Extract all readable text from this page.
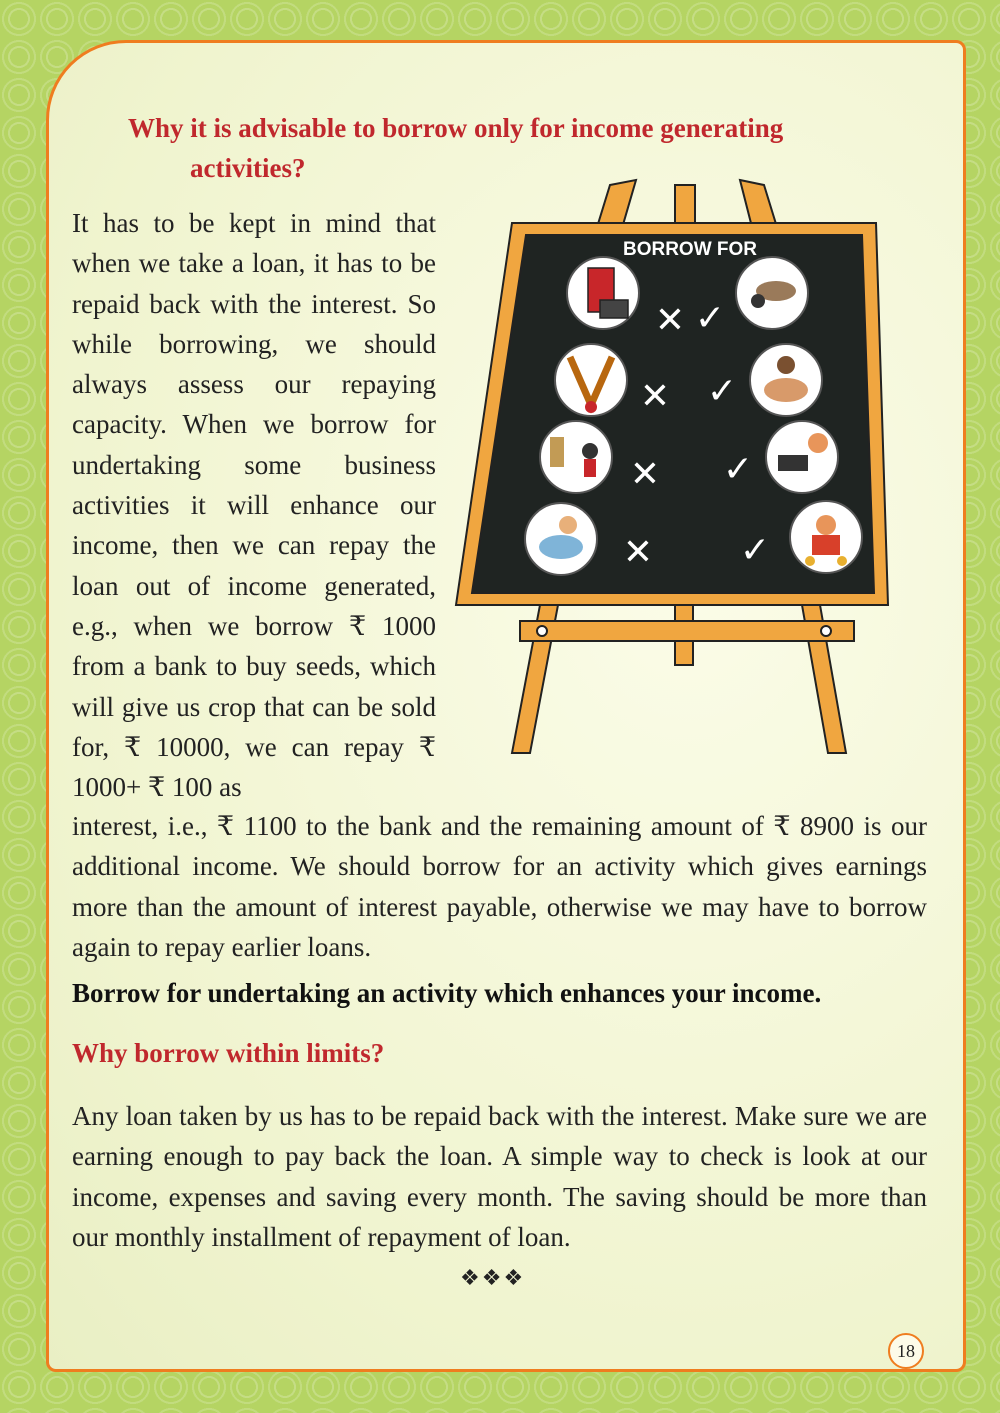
Why it is advisable to borrow only for income generating
activities?

It has to be kept in mind that when we take a loan, it has to be repaid back with the interest. So while borrowing, we should always assess our repaying capacity. When we borrow for undertaking some business activities it will enhance our income, then we can repay the loan out of income generated, e.g., when we borrow ₹ 1000 from a bank to buy seeds, which will give us crop that can be sold for, ₹ 10000, we can repay ₹ 1000+ ₹ 100 as

BORROW FOR
✕ ✓
✕ ✓
✕ ✓
✕ ✓

interest, i.e., ₹ 1100 to the bank and the remaining amount of ₹ 8900 is our additional income. We should borrow for an activity which gives earnings more than the amount of interest payable, otherwise we may have to borrow again to repay earlier loans.

Borrow for undertaking an activity which enhances your income.

Why borrow within limits?

Any loan taken by us has to be repaid back with the interest. Make sure we are earning enough to pay back the loan. A simple way to check is look at our income, expenses and saving every month. The saving should be more than our monthly installment of repayment of loan.

❖❖❖
18
